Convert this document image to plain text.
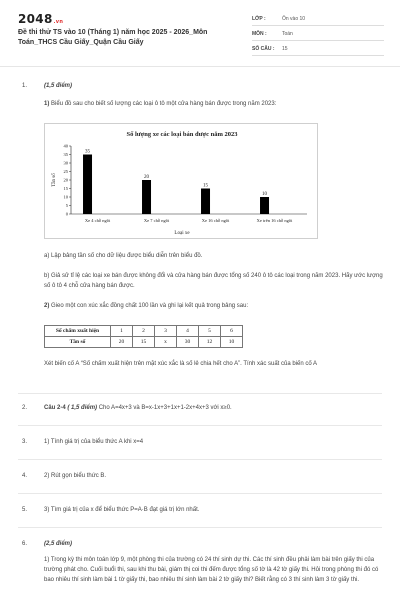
2048.vn
Đề thi thử TS vào 10 (Tháng 1) năm học 2025 - 2026_Môn Toán_THCS Cầu Giấy_Quận Cầu Giấy
LỚP :	Ôn vào 10
MÔN :	Toán
SỐ CÂU :	15
1.	(1,5 điểm)
1) Biểu đồ sau cho biết số lượng các loại ô tô một cửa hàng bán được trong năm 2023:
Số lượng xe các loại bán được năm 2023
Tần số
Loại xe
0
5
10
15
20
25
30
35
40
35
Xe 4 chỗ ngồi
20
Xe 7 chỗ ngồi
15
Xe 16 chỗ ngồi
10
Xe trên 16 chỗ ngồi
a) Lập bảng tần số cho dữ liệu được biểu diễn trên biểu đồ.
b) Giả sử tỉ lệ các loại xe bán được không đổi và cửa hàng bán được tổng số 240 ô tô các loại trong năm 2023. Hãy ước lượng số ô tô 4 chỗ cửa hàng bán được.
2) Gieo một con xúc xắc đồng chất 100 lần và ghi lại kết quả trong bảng sau:
Số chấm xuất hiện	1	2	3	4	5	6
Tần số	20	15	x	30	12	10
Xét biến cố A “Số chấm xuất hiện trên mặt xúc xắc là số lẻ chia hết cho A”. Tính xác suất của biến cố A
2.	Câu 2-4 ( 1,5 điểm) Cho A=4x+3 và B=x-1x+3+1x+1-2x+4x+3 với x≥0.
3.	1) Tính giá trị của biểu thức A khi x=4
4.	2) Rút gọn biểu thức B.
5.	3) Tìm giá trị của x để biểu thức P=A·B đạt giá trị lớn nhất.
6.	(2,5 điểm)
1) Trong kỳ thi môn toán lớp 9, một phòng thi của trường có 24 thí sinh dự thi. Các thí sinh đều phải làm bài trên giấy thi của trường phát cho. Cuối buổi thi, sau khi thu bài, giám thị coi thi đếm được tổng số tờ là 42 tờ giấy thi. Hỏi trong phòng thi đó có bao nhiêu thí sinh làm bài 1 tờ giấy thi, bao nhiêu thí sinh làm bài 2 tờ giấy thi? Biết rằng có 3 thí sinh làm 3 tờ giấy thi.
